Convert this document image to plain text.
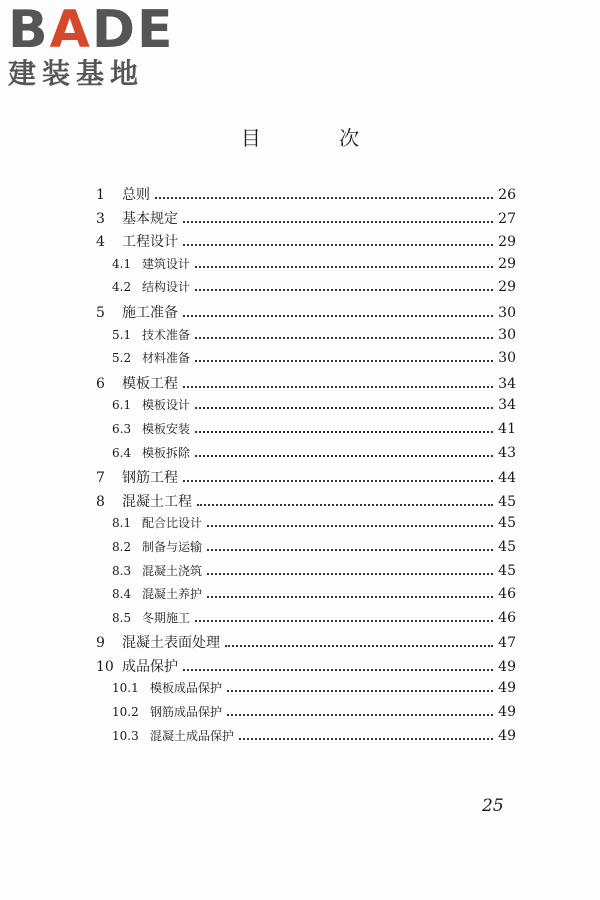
BADE
建装基地
目 次
1	总则	26
3	基本规定	27
4	工程设计	29
4.1 建筑设计	29
4.2 结构设计	29
5	施工准备	30
5.1 技术准备	30
5.2 材料准备	30
6	模板工程	34
6.1 模板设计	34
6.3 模板安装	41
6.4 模板拆除	43
7	钢筋工程	44
8	混凝土工程	45
8.1 配合比设计	45
8.2 制备与运输	45
8.3 混凝土浇筑	45
8.4 混凝土养护	46
8.5 冬期施工	46
9	混凝土表面处理	47
10 成品保护	49
10.1 模板成品保护	49
10.2 钢筋成品保护	49
10.3 混凝土成品保护	49
25
